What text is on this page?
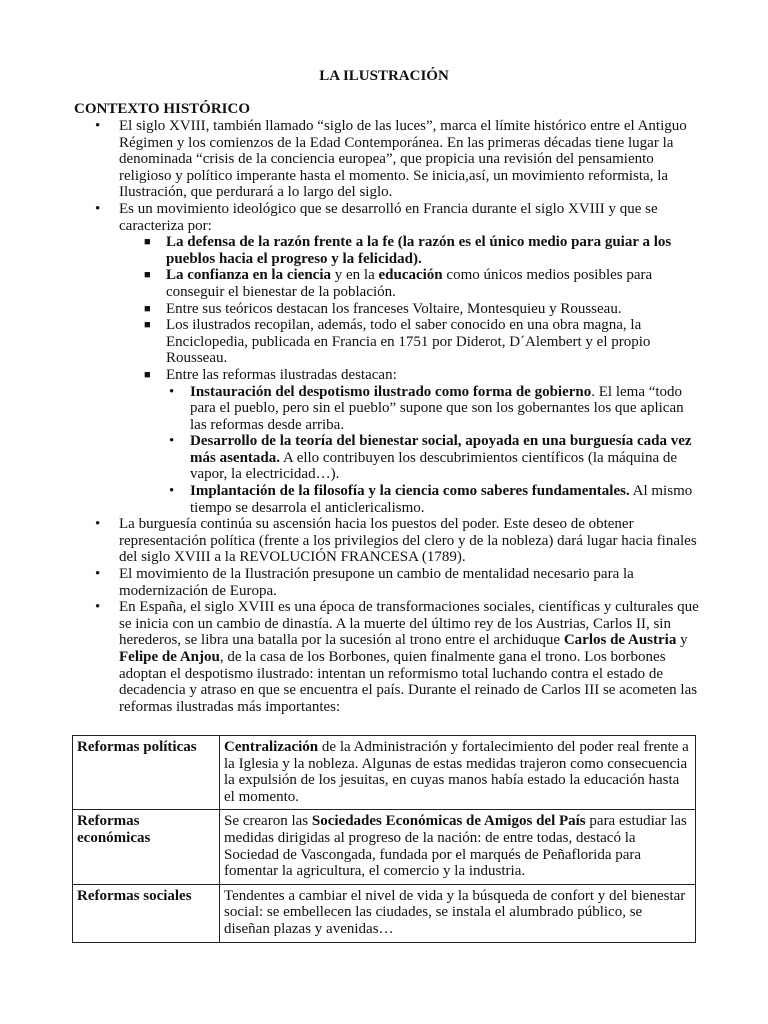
LA ILUSTRACIÓN
CONTEXTO HISTÓRICO
• El siglo XVIII, también llamado “siglo de las luces”, marca el límite histórico entre el Antiguo Régimen y los comienzos de la Edad Contemporánea. En las primeras décadas tiene lugar la denominada “crisis de la conciencia europea”, que propicia una revisión del pensamiento religioso y político imperante hasta el momento. Se inicia,así, un movimiento reformista, la Ilustración, que perdurará a lo largo del siglo.
• Es un movimiento ideológico que se desarrolló en Francia durante el siglo XVIII y que se caracteriza por:
■ La defensa de la razón frente a la fe (la razón es el único medio para guiar a los pueblos hacia el progreso y la felicidad).
■ La confianza en la ciencia y en la educación como únicos medios posibles para conseguir el bienestar de la población.
■ Entre sus teóricos destacan los franceses Voltaire, Montesquieu y Rousseau.
■ Los ilustrados recopilan, además, todo el saber conocido en una obra magna, la Enciclopedia, publicada en Francia en 1751 por Diderot, D´Alembert y el propio Rousseau.
■ Entre las reformas ilustradas destacan:
• Instauración del despotismo ilustrado como forma de gobierno. El lema “todo para el pueblo, pero sin el pueblo” supone que son los gobernantes los que aplican las reformas desde arriba.
• Desarrollo de la teoría del bienestar social, apoyada en una burguesía cada vez más asentada. A ello contribuyen los descubrimientos científicos (la máquina de vapor, la electricidad…).
• Implantación de la filosofía y la ciencia como saberes fundamentales. Al mismo tiempo se desarrola el anticlericalismo.
• La burguesía continúa su ascensión hacia los puestos del poder. Este deseo de obtener representación política (frente a los privilegios del clero y de la nobleza) dará lugar hacia finales del siglo XVIII a la REVOLUCIÓN FRANCESA (1789).
• El movimiento de la Ilustración presupone un cambio de mentalidad necesario para la modernización de Europa.
• En España, el siglo XVIII es una época de transformaciones sociales, científicas y culturales que se inicia con un cambio de dinastía. A la muerte del último rey de los Austrias, Carlos II, sin herederos, se libra una batalla por la sucesión al trono entre el archiduque Carlos de Austria y Felipe de Anjou, de la casa de los Borbones, quien finalmente gana el trono. Los borbones adoptan el despotismo ilustrado: intentan un reformismo total luchando contra el estado de decadencia y atraso en que se encuentra el país. Durante el reinado de Carlos III se acometen las reformas ilustradas más importantes:
Reformas políticas	Centralización de la Administración y fortalecimiento del poder real frente a la Iglesia y la nobleza. Algunas de estas medidas trajeron como consecuencia la expulsión de los jesuitas, en cuyas manos había estado la educación hasta el momento.
Reformas económicas	Se crearon las Sociedades Económicas de Amigos del País para estudiar las medidas dirigidas al progreso de la nación: de entre todas, destacó la Sociedad de Vascongada, fundada por el marqués de Peñaflorida para fomentar la agricultura, el comercio y la industria.
Reformas sociales	Tendentes a cambiar el nivel de vida y la búsqueda de confort y del bienestar social: se embellecen las ciudades, se instala el alumbrado público, se diseñan plazas y avenidas…
